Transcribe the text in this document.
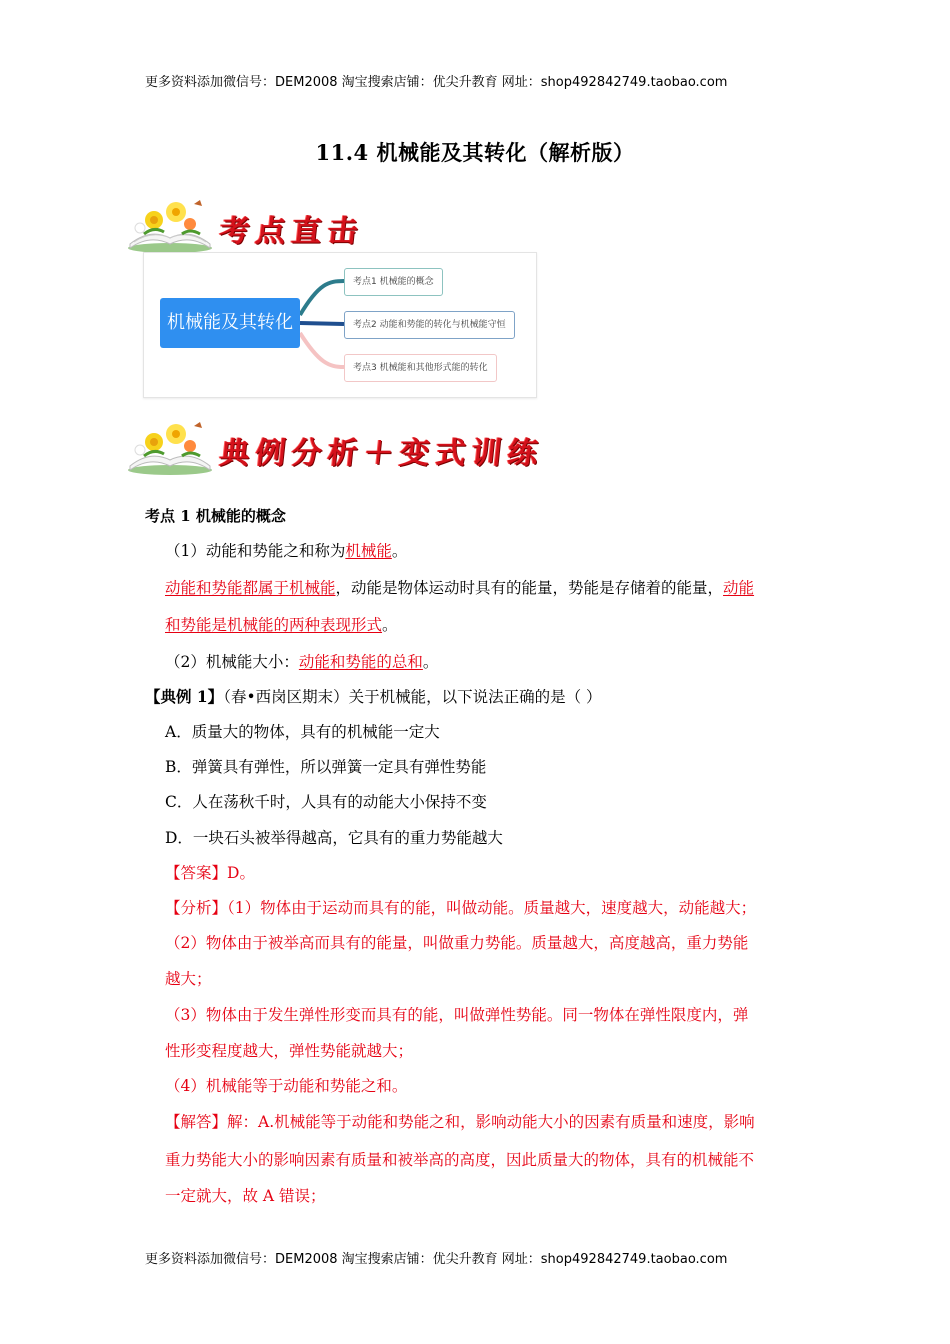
更多资料添加微信号：DEM2008 淘宝搜索店铺：优尖升教育 网址：shop492842749.taobao.com
11.4 机械能及其转化（解析版）
考点直击
机械能及其转化
考点1 机械能的概念
考点2 动能和势能的转化与机械能守恒
考点3 机械能和其他形式能的转化
典例分析＋变式训练
考点 1 机械能的概念
（1）动能和势能之和称为机械能。
动能和势能都属于机械能，动能是物体运动时具有的能量，势能是存储着的能量，动能
和势能是机械能的两种表现形式。
（2）机械能大小：动能和势能的总和。
【典例 1】（春•西岗区期末）关于机械能，以下说法正确的是（ ）
A．质量大的物体，具有的机械能一定大
B．弹簧具有弹性，所以弹簧一定具有弹性势能
C．人在荡秋千时，人具有的动能大小保持不变
D．一块石头被举得越高，它具有的重力势能越大
【答案】D。
【分析】（1）物体由于运动而具有的能，叫做动能。质量越大，速度越大，动能越大；
（2）物体由于被举高而具有的能量，叫做重力势能。质量越大，高度越高，重力势能
越大；
（3）物体由于发生弹性形变而具有的能，叫做弹性势能。同一物体在弹性限度内，弹
性形变程度越大，弹性势能就越大；
（4）机械能等于动能和势能之和。
【解答】解：A.机械能等于动能和势能之和，影响动能大小的因素有质量和速度，影响
重力势能大小的影响因素有质量和被举高的高度，因此质量大的物体，具有的机械能不
一定就大，故 A 错误；
更多资料添加微信号：DEM2008 淘宝搜索店铺：优尖升教育 网址：shop492842749.taobao.com
